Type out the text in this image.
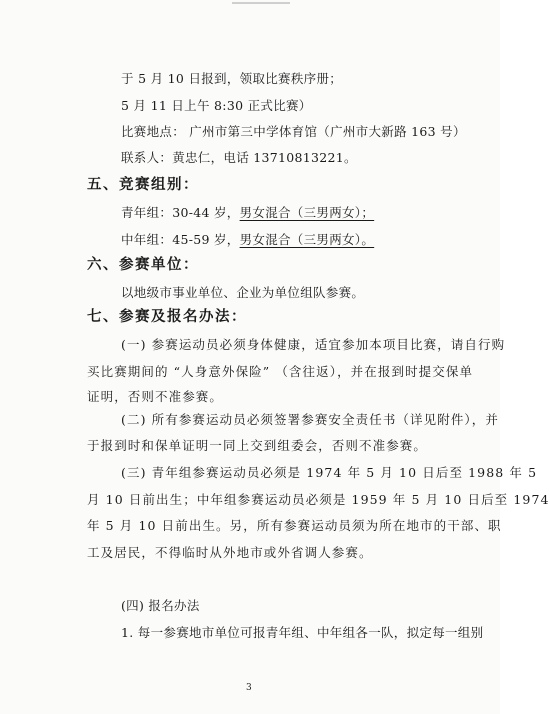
于 5 月 10 日报到，领取比赛秩序册；
5 月 11 日上午 8:30 正式比赛）
比赛地点： 广州市第三中学体育馆（广州市大新路 163 号）
联系人：黄忠仁，电话 13710813221。
五、竞赛组别：
青年组：30-44 岁，男女混合（三男两女）；
中年组：45-59 岁，男女混合（三男两女）。
六、参赛单位：
以地级市事业单位、企业为单位组队参赛。
七、参赛及报名办法：
(一) 参赛运动员必须身体健康，适宜参加本项目比赛，请自行购
买比赛期间的 “人身意外保险” （含往返），并在报到时提交保单
证明，否则不准参赛。
(二) 所有参赛运动员必须签署参赛安全责任书（详见附件），并
于报到时和保单证明一同上交到组委会，否则不准参赛。
(三) 青年组参赛运动员必须是 1974 年 5 月 10 日后至 1988 年 5
月 10 日前出生；中年组参赛运动员必须是 1959 年 5 月 10 日后至 1974
年 5 月 10 日前出生。另，所有参赛运动员须为所在地市的干部、职
工及居民，不得临时从外地市或外省调人参赛。
(四) 报名办法
1. 每一参赛地市单位可报青年组、中年组各一队，拟定每一组别
3
